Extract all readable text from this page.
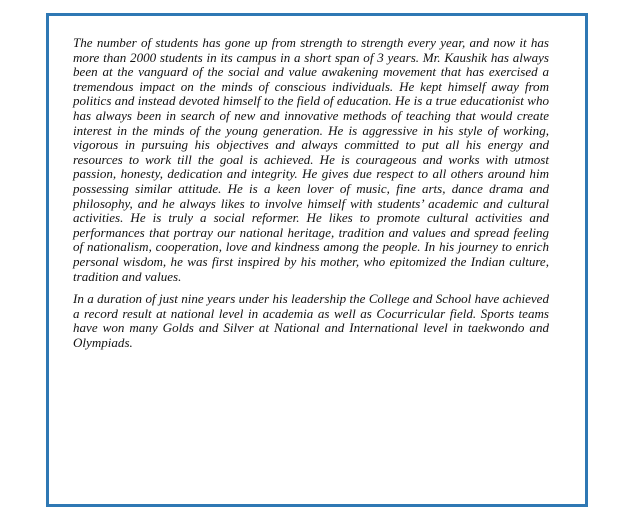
The number of students has gone up from strength to strength every year, and now it has more than 2000 students in its campus in a short span of 3 years. Mr. Kaushik has always been at the vanguard of the social and value awakening movement that has exercised a tremendous impact on the minds of conscious individuals. He kept himself away from politics and instead devoted himself to the field of education. He is a true educationist who has always been in search of new and innovative methods of teaching that would create interest in the minds of the young generation. He is aggressive in his style of working, vigorous in pursuing his objectives and always committed to put all his energy and resources to work till the goal is achieved. He is courageous and works with utmost passion, honesty, dedication and integrity. He gives due respect to all others around him possessing similar attitude. He is a keen lover of music, fine arts, dance drama and philosophy, and he always likes to involve himself with students’ academic and cultural activities. He is truly a social reformer. He likes to promote cultural activities and performances that portray our national heritage, tradition and values and spread feeling of nationalism, cooperation, love and kindness among the people. In his journey to enrich personal wisdom, he was first inspired by his mother, who epitomized the Indian culture, tradition and values.

In a duration of just nine years under his leadership the College and School have achieved a record result at national level in academia as well as Cocurricular field. Sports teams have won many Golds and Silver at National and International level in taekwondo and Olympiads.
